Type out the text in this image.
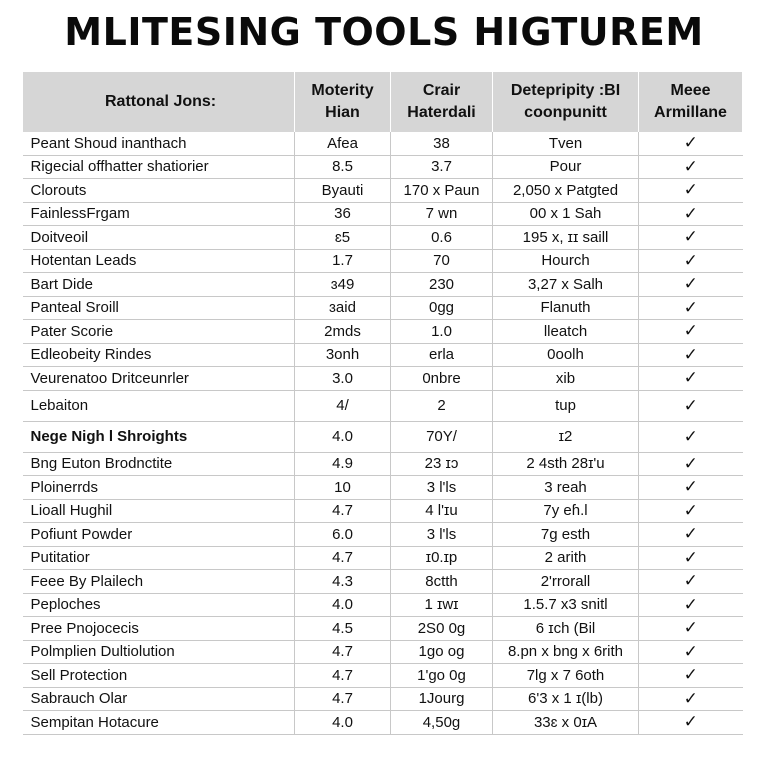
MLITESING TOOLS HIGTUREM
Rattonal Jons:	Moterity Hian	Crair Haterdali	Detepripity :BI coonpunitt	Meee Armillane
Peant Shoud inanthach	Afea	38	Tven	✓
Rigecial offhatter shatiorier	8.5	3.7	Pour	✓
Clorouts	Byauti	170 x Paun	2,050 x Patgted	✓
FainlessFrgam	36	7 wn	00 x 1 Sah	✓
Doitveoil	ɛ5	0.6	195 x, ɪɪ saill	✓
Hotentan Leads	1.7	70	Hourch	✓
Bart Dide	ɜ49	230	3,27 x Salh	✓
Panteal Sroill	ɜaid	0gg	Flanuth	✓
Pater Scorie	2mds	1.0	Ɩleatch	✓
Edleobeity Rindes	3onh	erla	0oolh	✓
Veurenatoo Dritceunrler	3.0	0nbre	xib	✓
Lebaiton	4/	2	tup	✓
Nege Nigh l Shroights	4.0	70Y/	ɪ2	✓
Bng Euton Brodnctite	4.9	23 ɪɔ	2 4sth 28ɪ'u	✓
Ploinerrds	10	3 Ɩ'Ɩs	3 reah	✓
Lioall Hughil	4.7	4 Ɩ'ɪu	7y eɦ.l	✓
Pofiunt Powder	6.0	3 Ɩ'ls	7ɡ esth	✓
Putitatior	4.7	ɪ0.ɪp	2 arith	✓
Feee By Plailech	4.3	8ctth	2'rrorall	✓
Peploches	4.0	1 ɪwɪ	1.5.7 x3 snitl	✓
Pree Pnojocecis	4.5	2S0 0g	6 ɪch (Bil	✓
Polmplien Dultiolution	4.7	1go og	8.pn x bng x 6rith	✓
Sell Protection	4.7	1'go 0g	7Ɩɡ x 7 6oth	✓
Sabrauch Olar	4.7	1Jourg	6'3 x 1 ɪ(Ɩb)	✓
Sempitan Hotacure	4.0	4,50g	33ɛ x 0ɪA	✓
